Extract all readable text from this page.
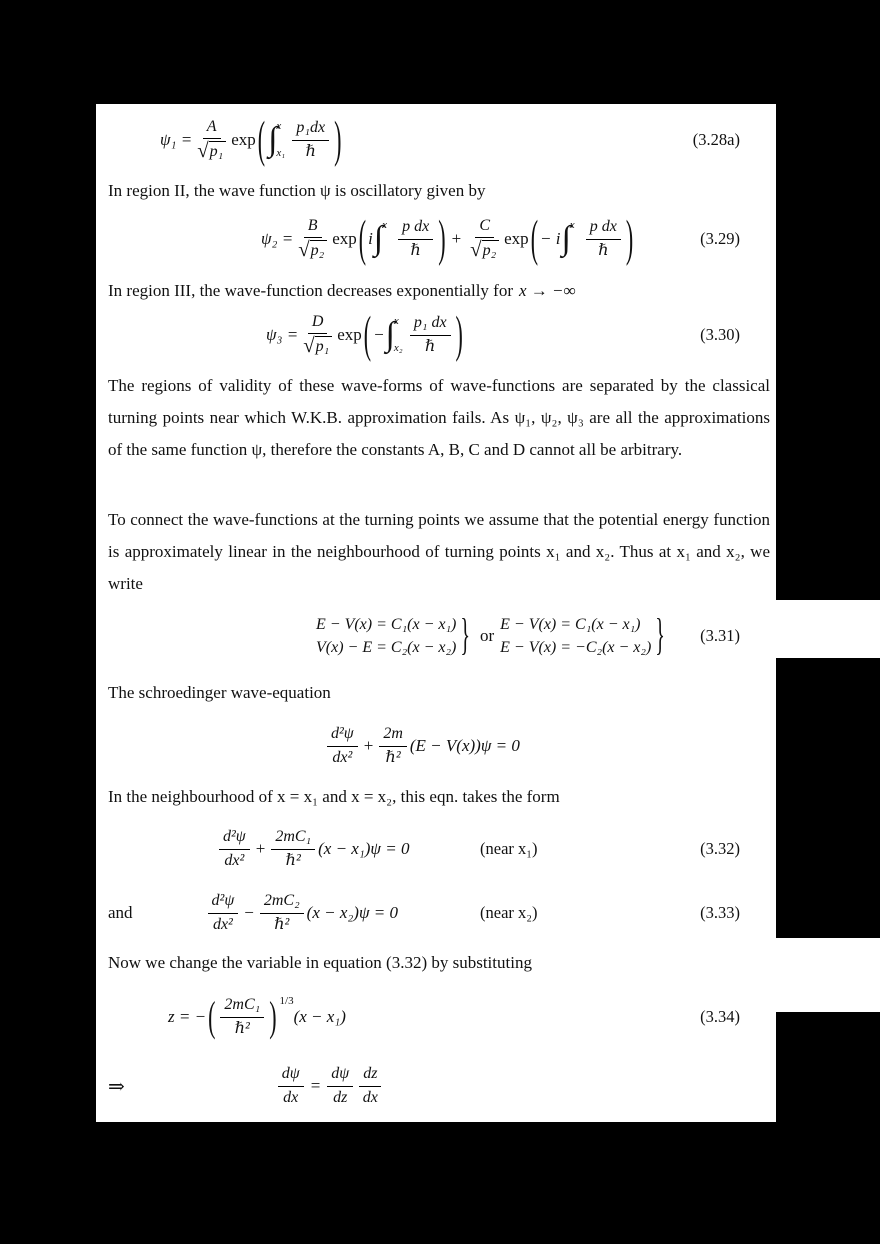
$\psi_1 = \frac{A}{\text{√ p₁}}$ exp ( ∫ x
$x_1 \frac{\text{p₁dx}}{\text{ℏ}}$ )	(3.28a)
In region II, the wave function ψ is oscillatory given by
$\psi_2 = \frac{B}{\text{√ p₂}}$ exp ( i ∫ x $\frac{\text{p dx}}{\text{ℏ}}$ ) + $\frac{C}{\text{√ p₂}}$ exp ( − i ∫ x $\frac{\text{p dx}}{\text{ℏ}}$ )	(3.29)
In region III, the wave-function decreases exponentially for x → −∞
$\psi_3 = \frac{D}{\text{√ p₁}}$ exp ( − ∫ x
$x_2 \frac{\text{p₁ dx}}{\text{ℏ}}$ )	(3.30)
The regions of validity of these wave-forms of wave-functions are separated by the classical turning points near which W.K.B. approximation fails. As ψ₁, ψ₂, ψ₃ are all the approximations of the same function ψ, therefore the constants A, B, C and D cannot all be arbitrary.
To connect the wave-functions at the turning points we assume that the potential energy function is approximately linear in the neighbourhood of turning points x₁ and x₂. Thus at x₁ and x₂, we write
E − V(x) = C₁(x − x₁)
V(x) − E = C₂(x − x₂) } or
E − V(x) = C₁(x − x₁)
E − V(x) = −C₂(x − x₂) } (3.31)
The schroedinger wave-equation
$\frac{\text{d²ψ}}{\text{dx²}} + \frac{2m}{\text{ℏ²}} (E - V(x))\psi = 0$
In the neighbourhood of x = x₁ and x = x₂, this eqn. takes the form
$\frac{\text{d²ψ}}{\text{dx²}} + \frac{\text{2mC₁}}{\text{ℏ²}} (x - x_1)\psi = 0$	(near x₁)	(3.32)
and	$\frac{\text{d²ψ}}{\text{dx²}} - \frac{\text{2mC₂}}{\text{ℏ²}} (x - x_2)\psi = 0$	(near x₂)	(3.33)
Now we change the variable in equation (3.32) by substituting
z = − ( $\frac{\text{2mC₁}}{\text{ℏ²}}$ ) 1/3
(x − x₁)	(3.34)
⇒	$\frac{d\psi}{dx} = \frac{d\psi}{dz} \frac{dz}{dx}$
